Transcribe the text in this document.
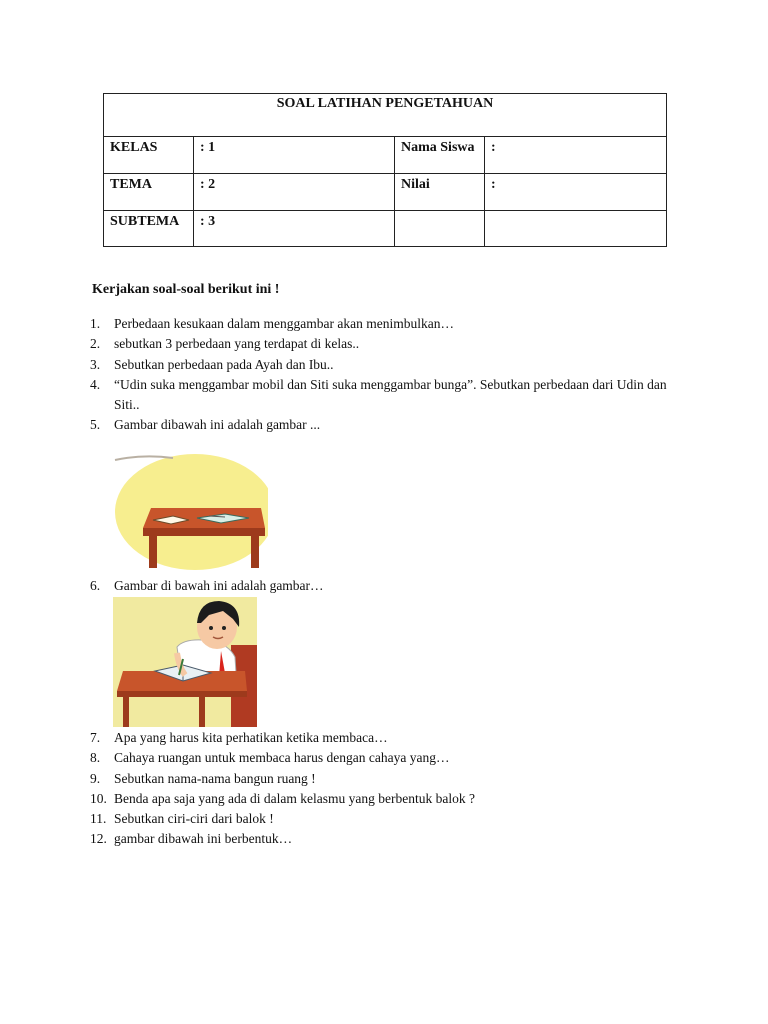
SOAL LATIHAN PENGETAHUAN			
KELAS	: 1	Nama Siswa	:
TEMA	: 2	Nilai	:
SUBTEMA	: 3		
Kerjakan soal-soal berikut ini !
1. Perbedaan kesukaan dalam menggambar akan menimbulkan…
2. sebutkan 3 perbedaan yang terdapat di kelas..
3. Sebutkan perbedaan pada Ayah dan Ibu..
4. “Udin suka menggambar mobil dan Siti suka menggambar bunga”. Sebutkan perbedaan dari Udin dan Siti..
5. Gambar dibawah ini adalah gambar ...
6. Gambar di bawah ini adalah gambar…
7. Apa yang harus kita perhatikan ketika membaca…
8. Cahaya ruangan untuk membaca harus dengan cahaya yang…
9. Sebutkan nama-nama bangun ruang !
10. Benda apa saja yang ada di dalam kelasmu yang berbentuk balok ?
11. Sebutkan ciri-ciri dari balok !
12. gambar dibawah ini berbentuk…
